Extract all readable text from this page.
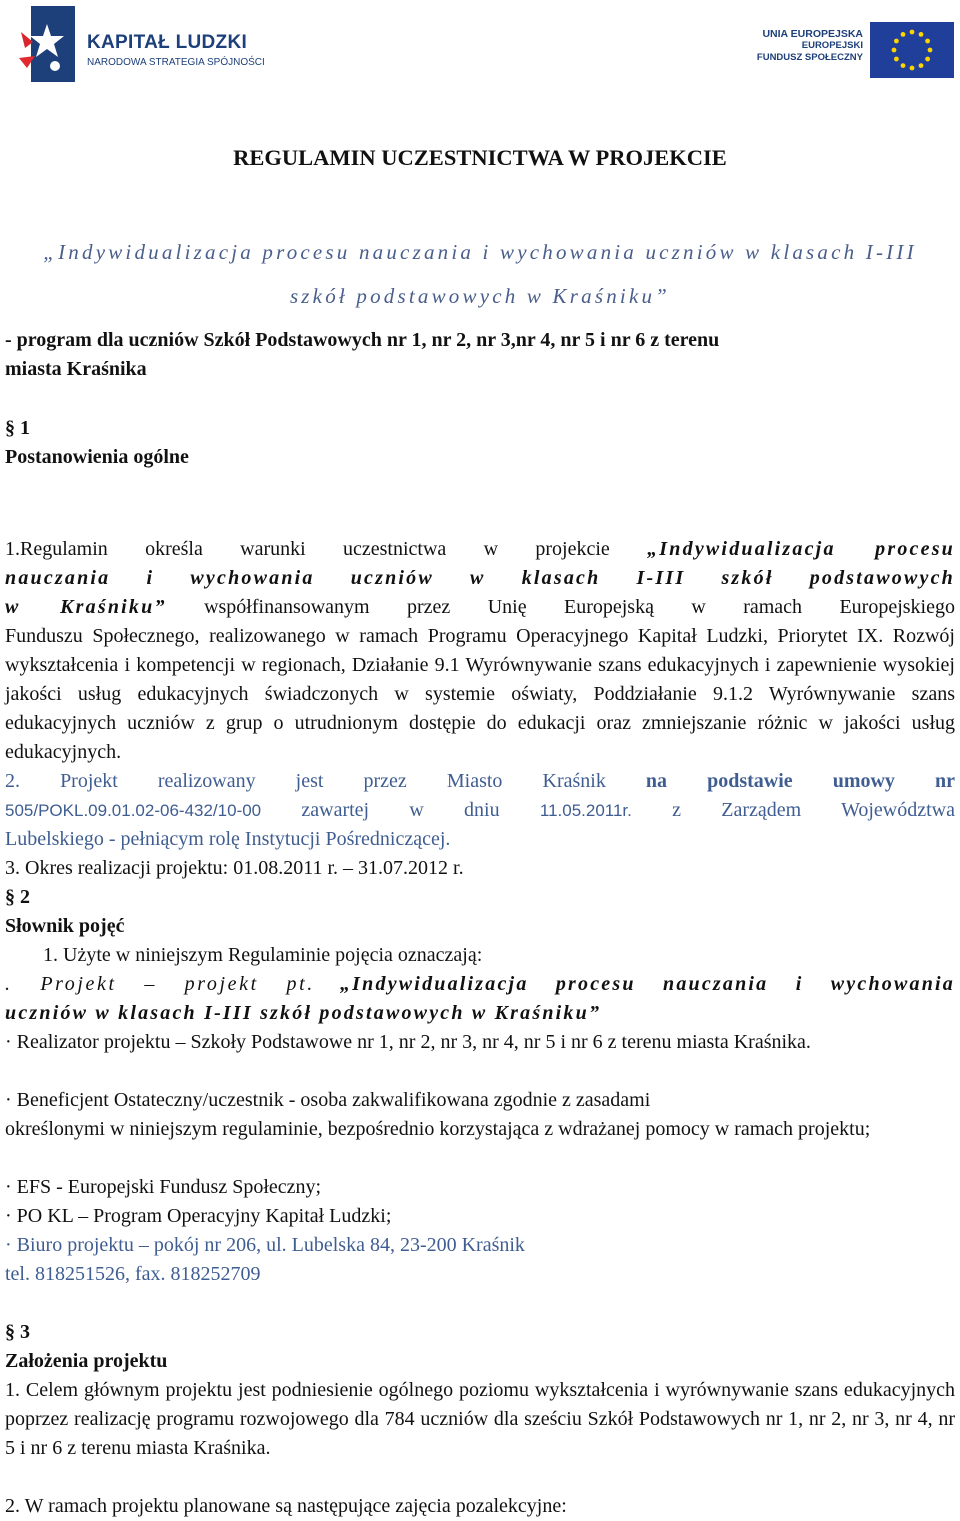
KAPITAŁ LUDZKI
NARODOWA STRATEGIA SPÓJNOŚCI
UNIA EUROPEJSKA
EUROPEJSKI
FUNDUSZ SPOŁECZNY
REGULAMIN UCZESTNICTWA W PROJEKCIE
„Indywidualizacja procesu nauczania i wychowania uczniów w klasach I-III
szkół podstawowych w Kraśniku”
- program dla uczniów Szkół Podstawowych nr 1, nr 2, nr 3,nr 4, nr 5 i nr 6 z terenu
miasta Kraśnika
§ 1
Postanowienia ogólne
1.Regulamin określa warunki uczestnictwa w projekcie „Indywidualizacja procesu
nauczania i wychowania uczniów w klasach I-III szkół podstawowych
w Kraśniku” współfinansowanym przez Unię Europejską w ramach Europejskiego
Funduszu Społecznego, realizowanego w ramach Programu Operacyjnego Kapitał Ludzki, Priorytet IX. Rozwój wykształcenia i kompetencji w regionach, Działanie 9.1 Wyrównywanie szans edukacyjnych i zapewnienie wysokiej jakości usług edukacyjnych świadczonych w systemie oświaty, Poddziałanie 9.1.2 Wyrównywanie szans edukacyjnych uczniów z grup o utrudnionym dostępie do edukacji oraz zmniejszanie różnic w jakości usług edukacyjnych.
2. Projekt realizowany jest przez Miasto Kraśnik na podstawie umowy nr
505/POKL.09.01.02-06-432/10-00 zawartej w dniu 11.05.2011r. z Zarządem Województwa
Lubelskiego - pełniącym rolę Instytucji Pośredniczącej.
3. Okres realizacji projektu: 01.08.2011 r. – 31.07.2012 r.
§ 2
Słownik pojęć
1. Użyte w niniejszym Regulaminie pojęcia oznaczają:
. Projekt – projekt pt. „Indywidualizacja procesu nauczania i wychowania
uczniów w klasach I-III szkół podstawowych w Kraśniku”
· Realizator projektu – Szkoły Podstawowe nr 1, nr 2, nr 3, nr 4, nr 5 i nr 6 z terenu miasta Kraśnika.
· Beneficjent Ostateczny/uczestnik - osoba zakwalifikowana zgodnie z zasadami
określonymi w niniejszym regulaminie, bezpośrednio korzystająca z wdrażanej pomocy w ramach projektu;
· EFS - Europejski Fundusz Społeczny;
· PO KL – Program Operacyjny Kapitał Ludzki;
· Biuro projektu – pokój nr 206, ul. Lubelska 84, 23-200 Kraśnik
tel. 818251526, fax. 818252709
§ 3
Założenia projektu
1. Celem głównym projektu jest podniesienie ogólnego poziomu wykształcenia i wyrównywanie szans edukacyjnych poprzez realizację programu rozwojowego dla 784 uczniów dla sześciu Szkół Podstawowych nr 1, nr 2, nr 3, nr 4, nr 5 i nr 6 z terenu miasta Kraśnika.
2. W ramach projektu planowane są następujące zajęcia pozalekcyjne:
